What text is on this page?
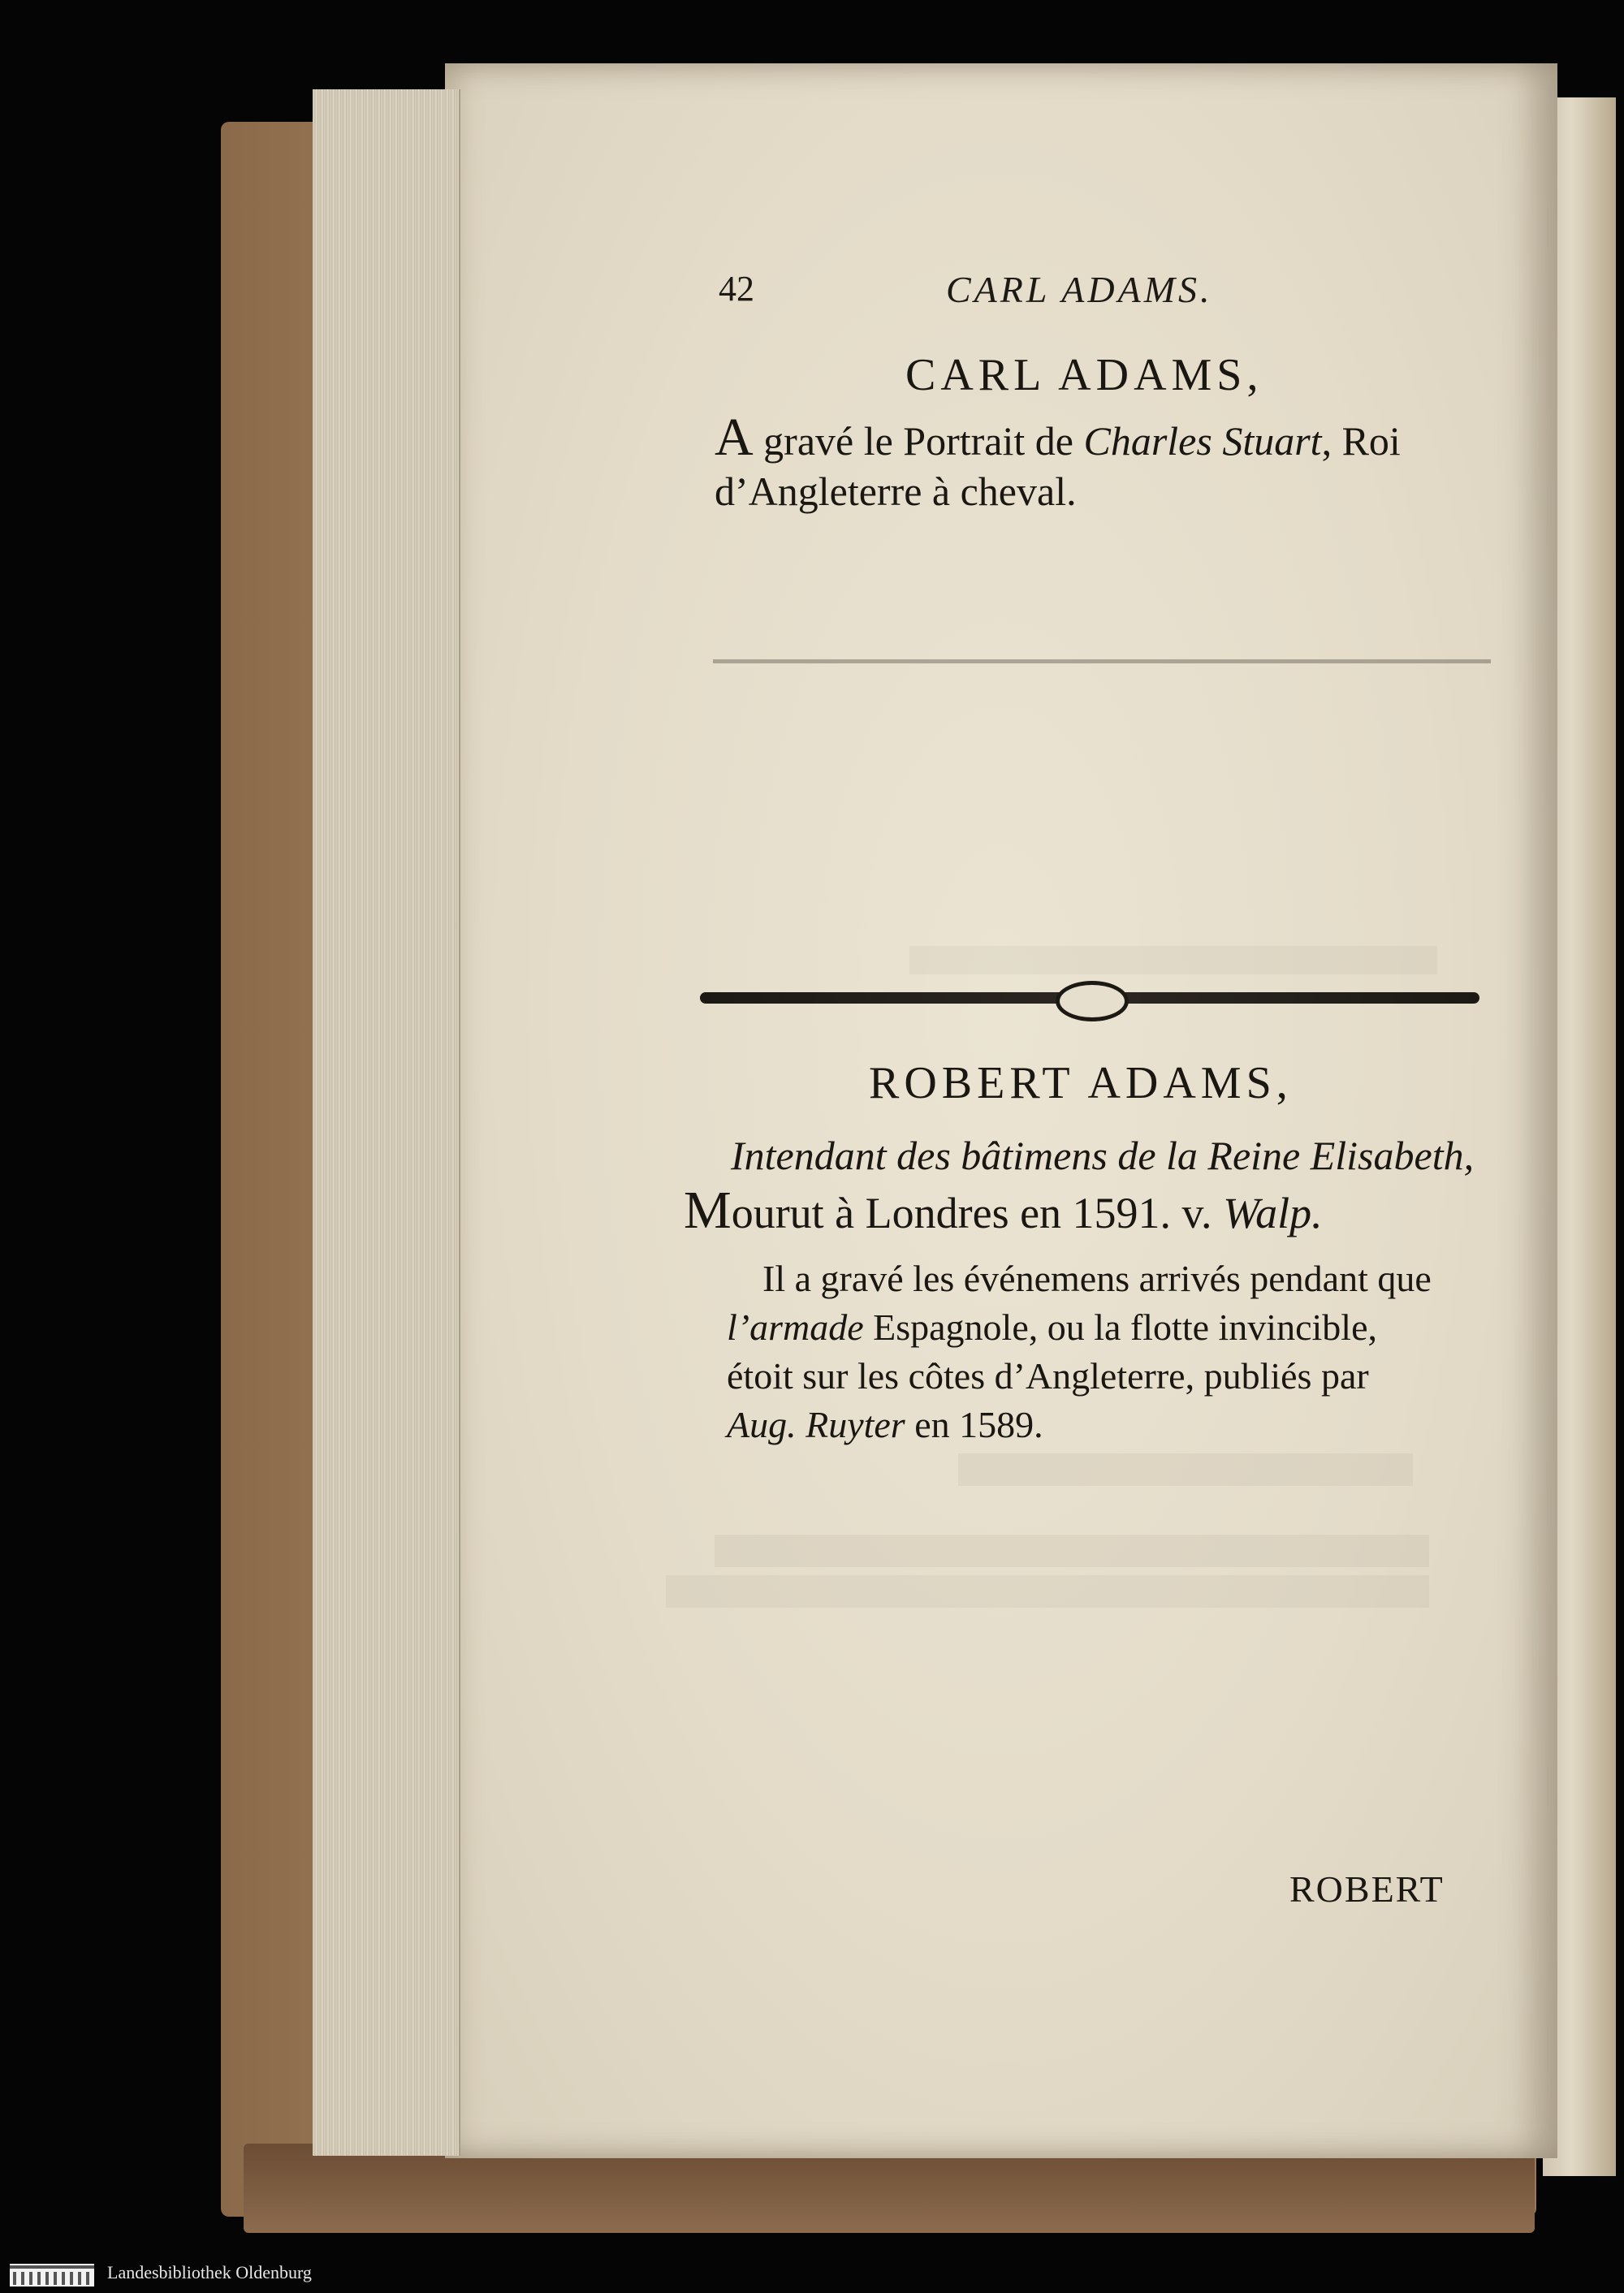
42	CARL ADAMS.
CARL ADAMS,
A gravé le Portrait de Charles Stuart, Roi
d’Angleterre à cheval.
ROBERT ADAMS,
Intendant des bâtimens de la Reine Elisabeth,
Mourut à Londres en 1591. v. Walp.
Il a gravé les événemens arrivés pendant que
l’armade Espagnole, ou la flotte invincible,
étoit sur les côtes d’Angleterre, publiés par
Aug. Ruyter en 1589.
ROBERT
Landesbibliothek Oldenburg
